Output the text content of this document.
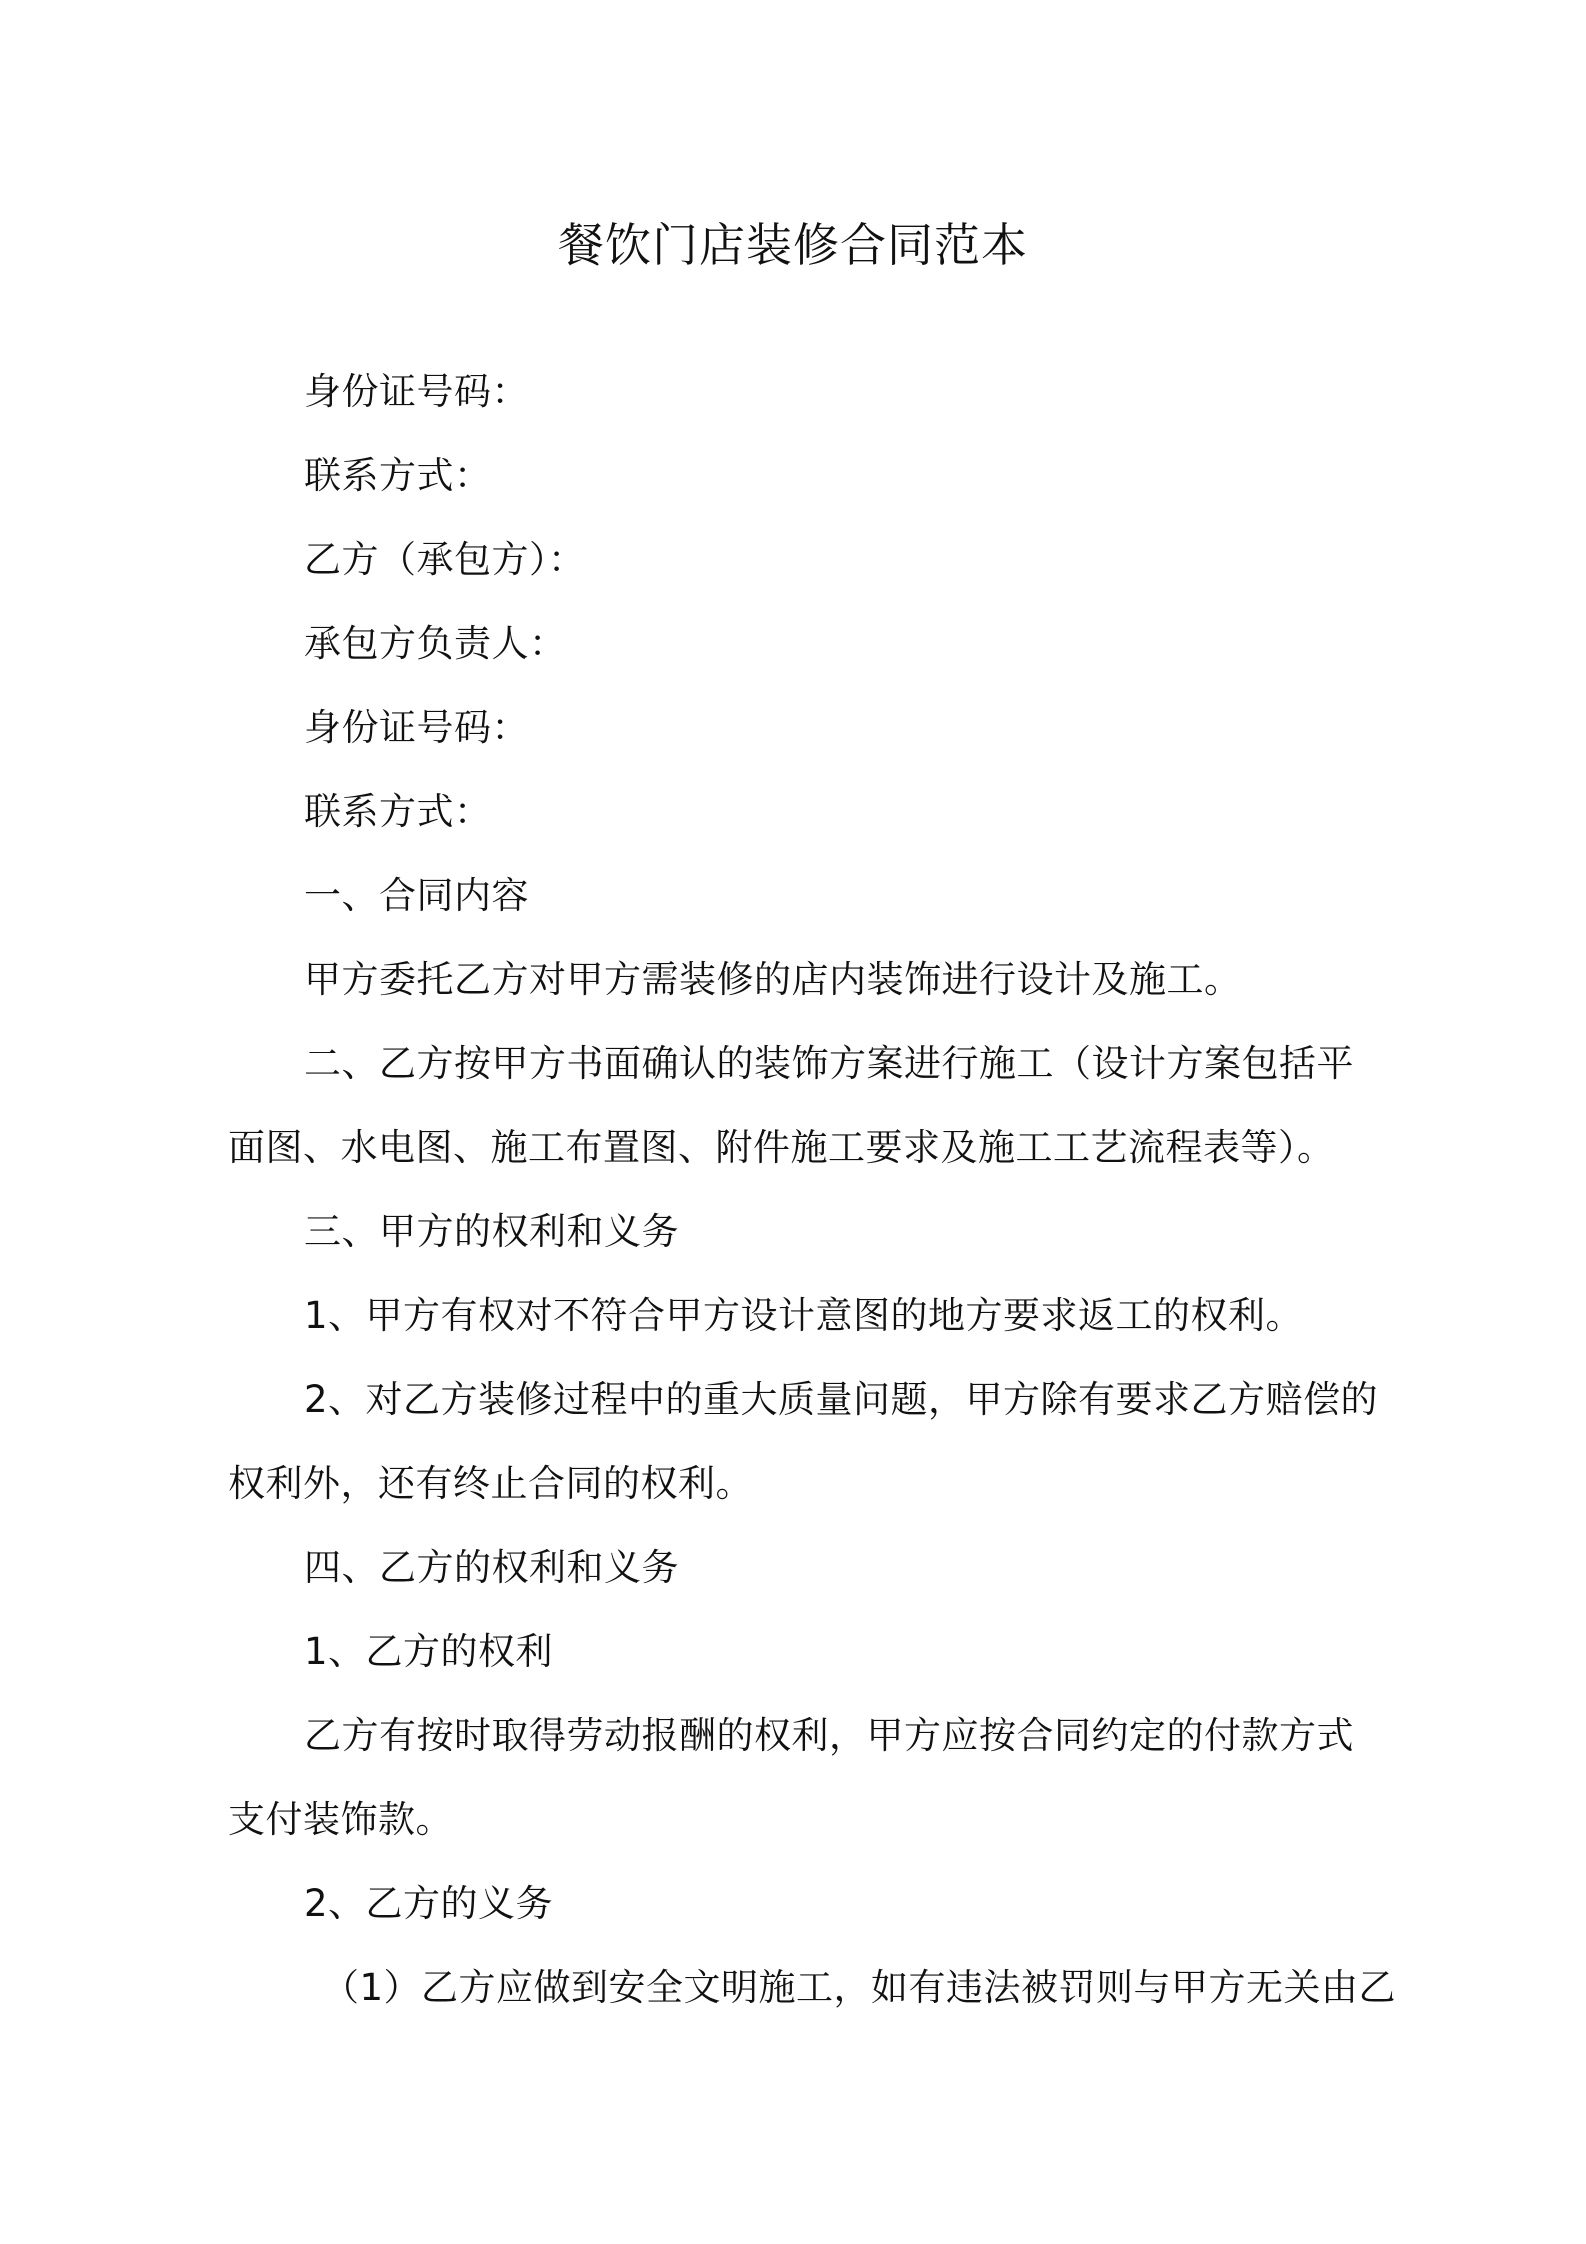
餐饮门店装修合同范本

身份证号码：

联系方式：

乙方（承包方）：

承包方负责人：

身份证号码：

联系方式：

一、合同内容

甲方委托乙方对甲方需装修的店内装饰进行设计及施工。

二、乙方按甲方书面确认的装饰方案进行施工（设计方案包括平

面图、水电图、施工布置图、附件施工要求及施工工艺流程表等）。

三、甲方的权利和义务

1、甲方有权对不符合甲方设计意图的地方要求返工的权利。

2、对乙方装修过程中的重大质量问题，甲方除有要求乙方赔偿的

权利外，还有终止合同的权利。

四、乙方的权利和义务

1、乙方的权利

乙方有按时取得劳动报酬的权利，甲方应按合同约定的付款方式

支付装饰款。

2、乙方的义务

（1）乙方应做到安全文明施工，如有违法被罚则与甲方无关由乙
